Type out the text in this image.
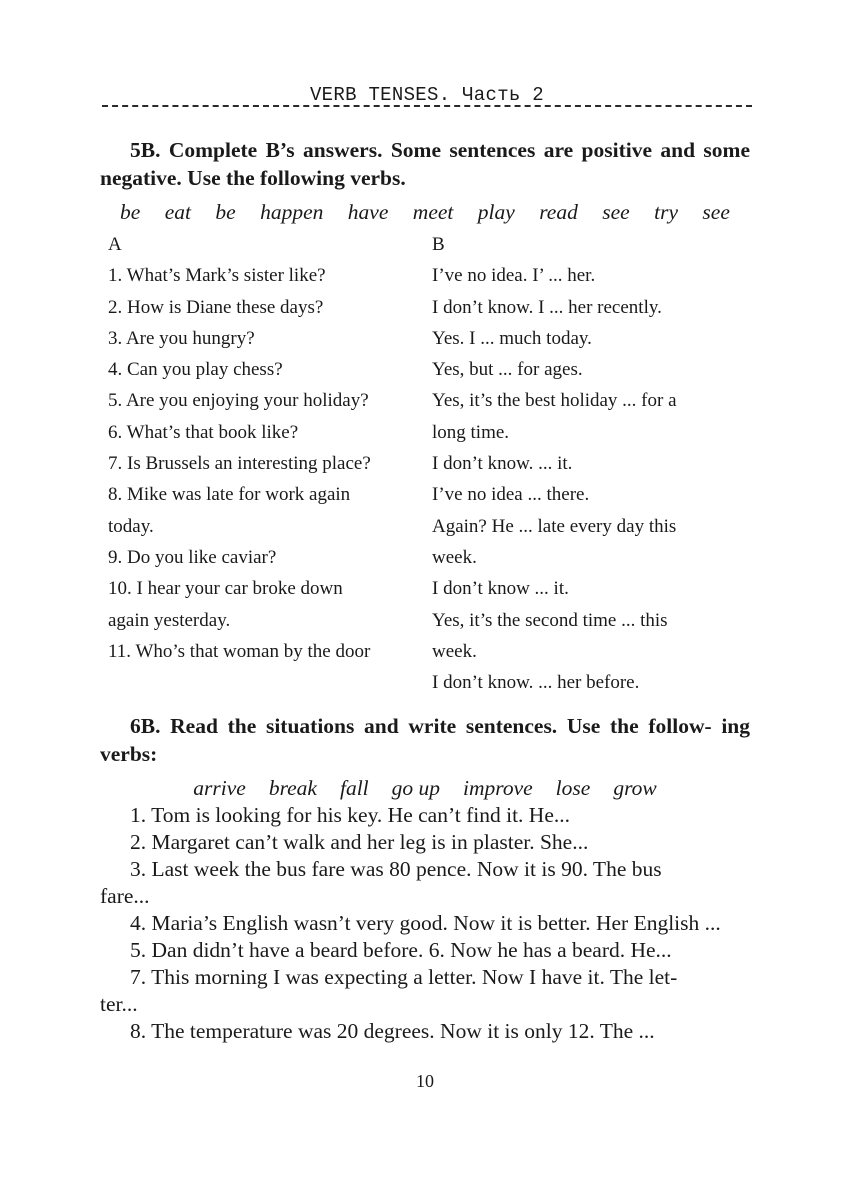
VERB TENSES. Часть 2
5B. Complete B’s answers. Some sentences are positive and some negative. Use the following verbs.
be eat be happen have meet play read see try see
A
1. What’s Mark’s sister like?
2. How is Diane these days?
3. Are you hungry?
4. Can you play chess?
5. Are you enjoying your holiday?
6. What’s that book like?
7. Is Brussels an interesting place?
8. Mike was late for work again
today.
9. Do you like caviar?
10. I hear your car broke down
again yesterday.
11. Who’s that woman by the door
B
I’ve no idea. I’ ... her.
I don’t know. I ... her recently.
Yes. I ... much today.
Yes, but ... for ages.
Yes, it’s the best holiday ... for a
long time.
I don’t know. ... it.
I’ve no idea ... there.
Again? He ... late every day this
week.
I don’t know ... it.
Yes, it’s the second time ... this
week.
I don’t know. ... her before.
6B. Read the situations and write sentences. Use the follow- ing verbs:
arrive break fall go up improve lose grow
1. Tom is looking for his key. He can’t find it. He...
2. Margaret can’t walk and her leg is in plaster. She...
3. Last week the bus fare was 80 pence. Now it is 90. The bus
fare...
4. Maria’s English wasn’t very good. Now it is better. Her English ...
5. Dan didn’t have a beard before. 6. Now he has a beard. He...
7. This morning I was expecting a letter. Now I have it. The let-
ter...
8. The temperature was 20 degrees. Now it is only 12. The ...
10
